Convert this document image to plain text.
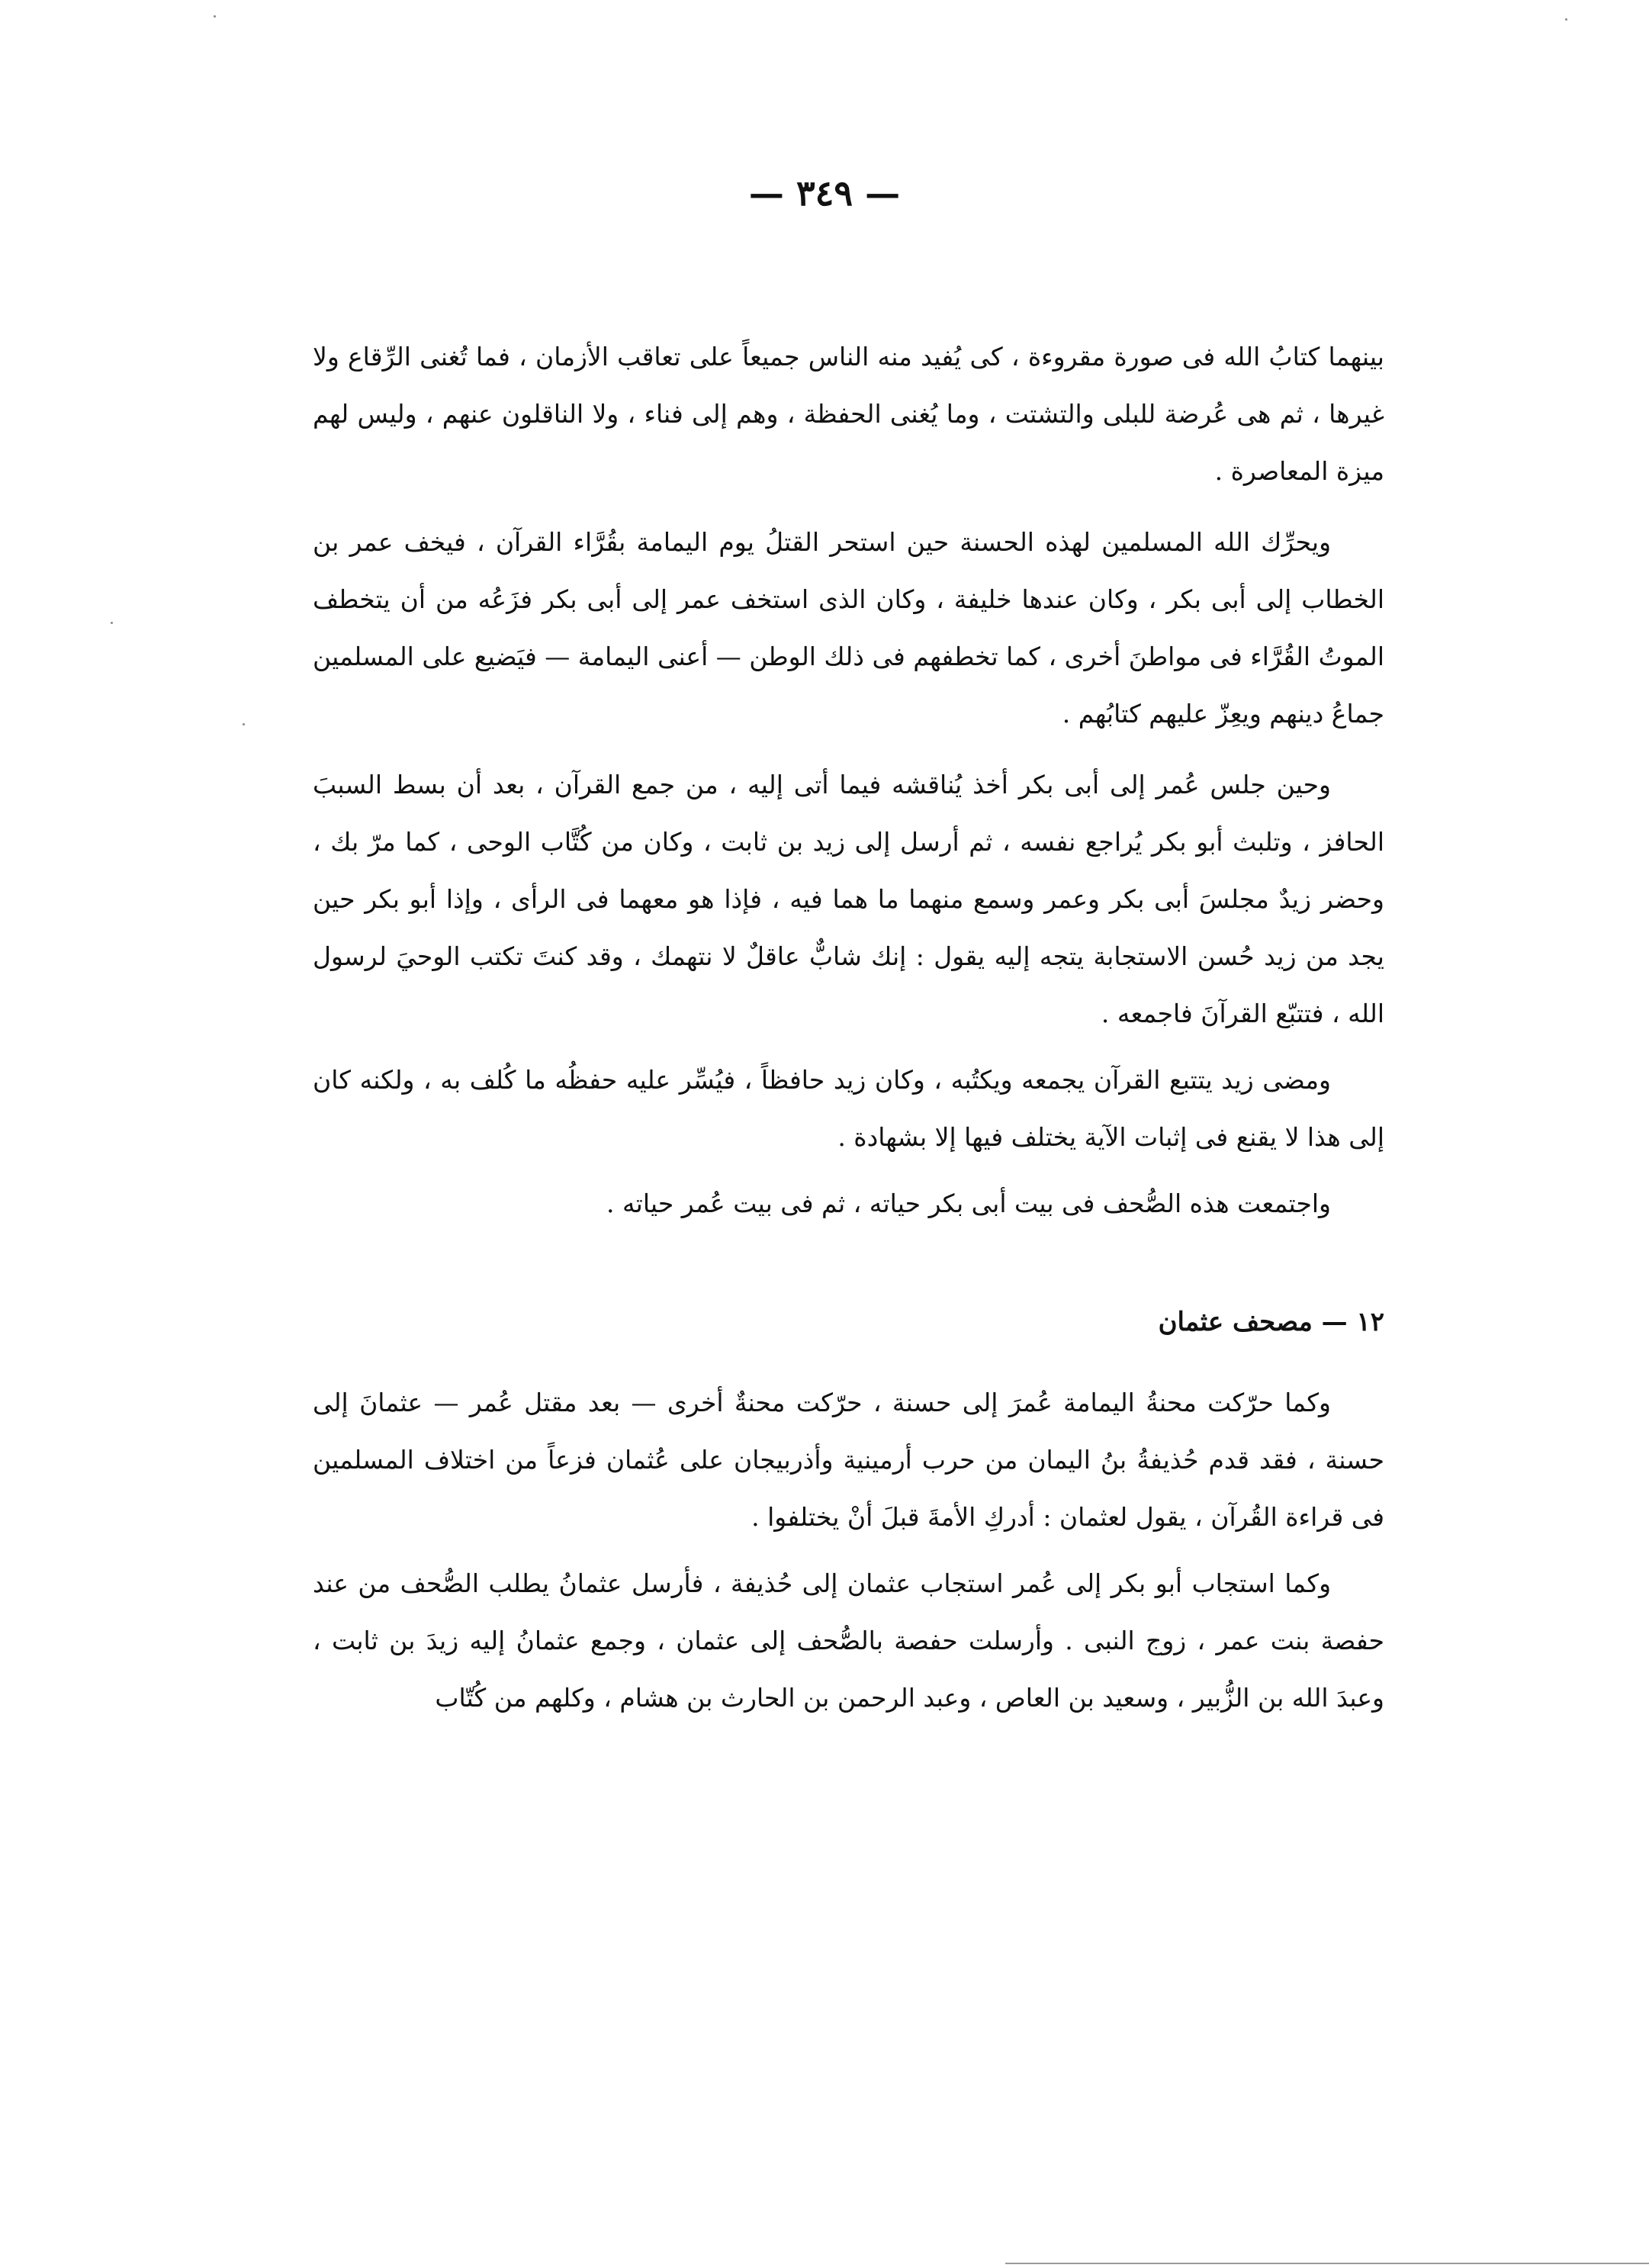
— ٣٤٩ —

بينهما كتابُ الله فى صورة مقروءة ، كى يُفيد منه الناس جميعاً على تعاقب الأزمان ، فما تُغنى الرِّقاع ولا غيرها ، ثم هى عُرضة للبلى والتشتت ، وما يُغنى الحفظة ، وهم إلى فناء ، ولا الناقلون عنهم ، وليس لهم ميزة المعاصرة .

ويحرِّك الله المسلمين لهذه الحسنة حين استحر القتلُ يوم اليمامة بقُرَّاء القرآن ، فيخف عمر بن الخطاب إلى أبى بكر ، وكان عندها خليفة ، وكان الذى استخف عمر إلى أبى بكر فزَعُه من أن يتخطف الموتُ القُرَّاء فى مواطنَ أخرى ، كما تخطفهم فى ذلك الوطن — أعنى اليمامة — فيَضيع على المسلمين جماعُ دينهم ويعِزّ عليهم كتابُهم .

وحين جلس عُمر إلى أبى بكر أخذ يُناقشه فيما أتى إليه ، من جمع القرآن ، بعد أن بسط السببَ الحافز ، وتلبث أبو بكر يُراجع نفسه ، ثم أرسل إلى زيد بن ثابت ، وكان من كُتَّاب الوحى ، كما مرّ بك ، وحضر زيدٌ مجلسَ أبى بكر وعمر وسمع منهما ما هما فيه ، فإذا هو معهما فى الرأى ، وإذا أبو بكر حين يجد من زيد حُسن الاستجابة يتجه إليه يقول : إنك شابٌّ عاقلٌ لا نتهمك ، وقد كنتَ تكتب الوحيَ لرسول الله ، فتتبّع القرآنَ فاجمعه .

ومضى زيد يتتبع القرآن يجمعه ويكتُبه ، وكان زيد حافظاً ، فيُسِّر عليه حفظُه ما كُلف به ، ولكنه كان إلى هذا لا يقنع فى إثبات الآية يختلف فيها إلا بشهادة .

واجتمعت هذه الصُّحف فى بيت أبى بكر حياته ، ثم فى بيت عُمر حياته .

١٢ — مصحف عثمان

وكما حرّكت محنةُ اليمامة عُمرَ إلى حسنة ، حرّكت محنةٌ أخرى — بعد مقتل عُمر — عثمانَ إلى حسنة ، فقد قدم حُذيفةُ بنُ اليمان من حرب أرمينية وأذربيجان على عُثمان فزعاً من اختلاف المسلمين فى قراءة القُرآن ، يقول لعثمان : أدركِ الأمةَ قبلَ أنْ يختلفوا .

وكما استجاب أبو بكر إلى عُمر استجاب عثمان إلى حُذيفة ، فأرسل عثمانُ يطلب الصُّحف من عند حفصة بنت عمر ، زوج النبى . وأرسلت حفصة بالصُّحف إلى عثمان ، وجمع عثمانُ إليه زيدَ بن ثابت ، وعبدَ الله بن الزُّبير ، وسعيد بن العاص ، وعبد الرحمن بن الحارث بن هشام ، وكلهم من كُتّاب
